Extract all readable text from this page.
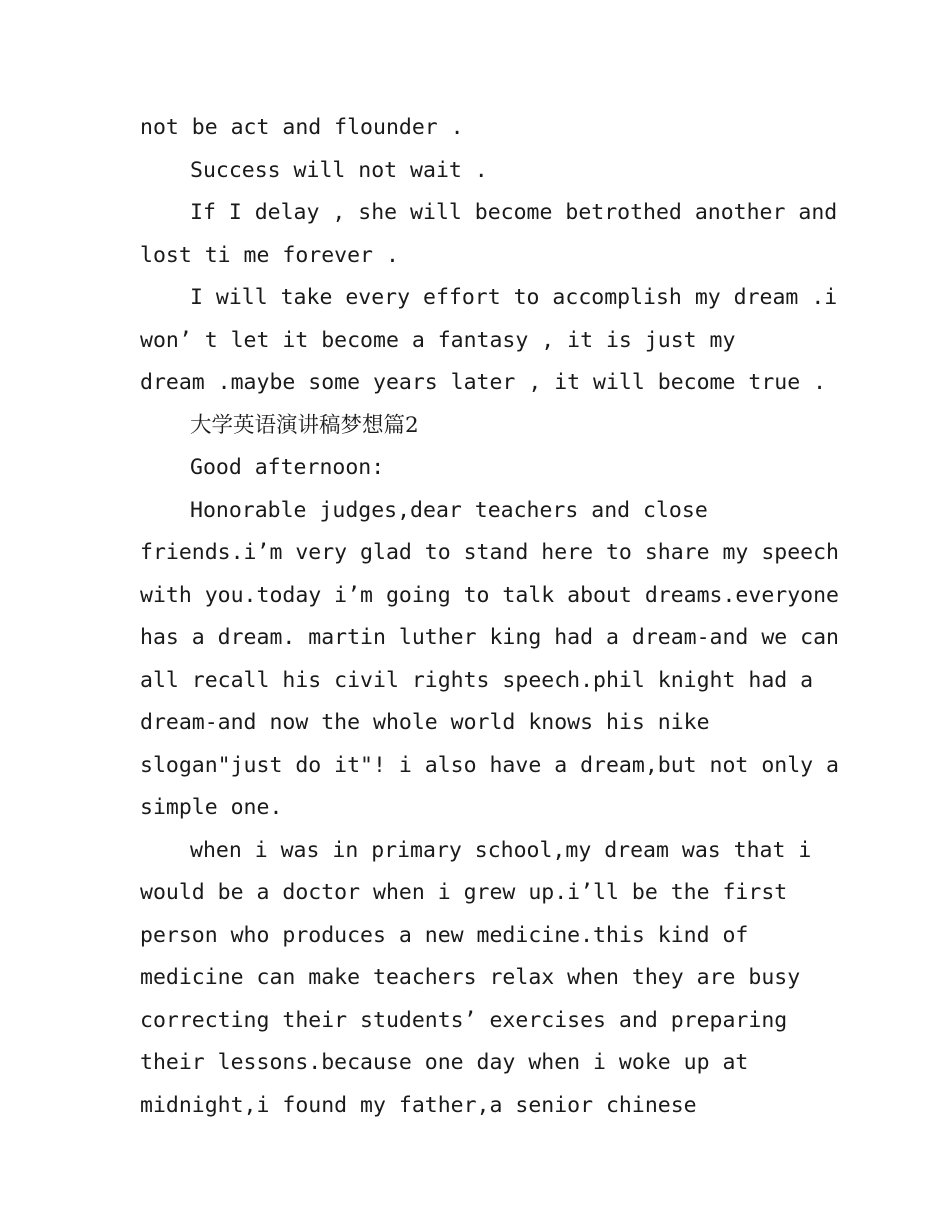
not be act and flounder .
Success will not wait .
If I delay , she will become betrothed another and
lost ti me forever .
I will take every effort to accomplish my dream .i
won’ t let it become a fantasy , it is just my
dream .maybe some years later , it will become true .
大学英语演讲稿梦想篇2
Good afternoon:
Honorable judges,dear teachers and close
friends.i’m very glad to stand here to share my speech
with you.today i’m going to talk about dreams.everyone
has a dream. martin luther king had a dream-and we can
all recall his civil rights speech.phil knight had a
dream-and now the whole world knows his nike
slogan"just do it"! i also have a dream,but not only a
simple one.
when i was in primary school,my dream was that i
would be a doctor when i grew up.i’ll be the first
person who produces a new medicine.this kind of
medicine can make teachers relax when they are busy
correcting their students’ exercises and preparing
their lessons.because one day when i woke up at
midnight,i found my father,a senior chinese
